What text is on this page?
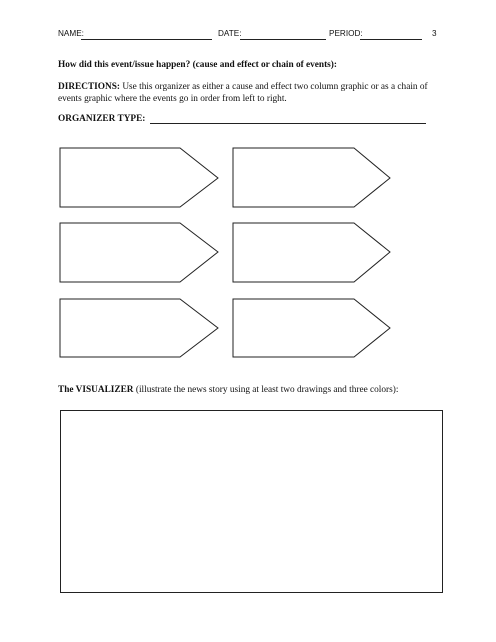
NAME:	DATE:	PERIOD:	3
How did this event/issue happen? (cause and effect or chain of events):
DIRECTIONS: Use this organizer as either a cause and effect two column graphic or as a chain of events graphic where the events go in order from left to right.
ORGANIZER TYPE:
The VISUALIZER (illustrate the news story using at least two drawings and three colors):
